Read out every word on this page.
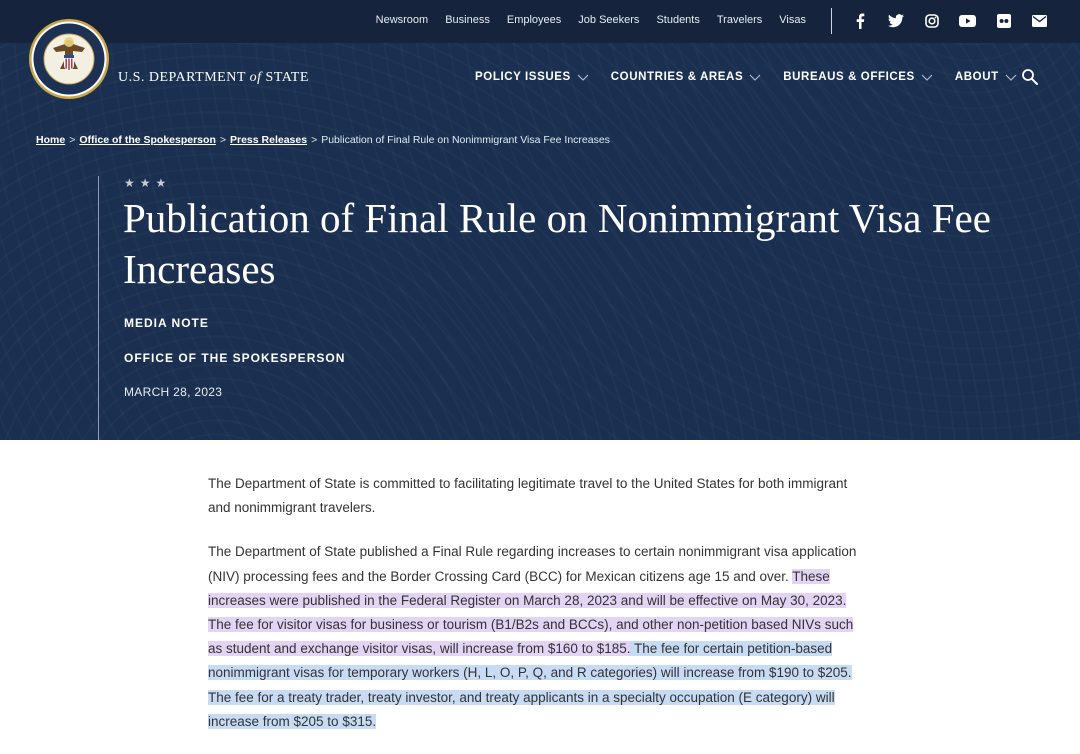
Newsroom Business Employees Job Seekers Students Travelers Visas
U.S. DEPARTMENT of STATE	POLICY ISSUES	COUNTRIES & AREAS	BUREAUS & OFFICES	ABOUT
Home > Office of the Spokesperson > Press Releases > Publication of Final Rule on Nonimmigrant Visa Fee Increases
★★★
Publication of Final Rule on Nonimmigrant Visa Fee Increases
MEDIA NOTE
OFFICE OF THE SPOKESPERSON
MARCH 28, 2023

The Department of State is committed to facilitating legitimate travel to the United States for both immigrant and nonimmigrant travelers.

The Department of State published a Final Rule regarding increases to certain nonimmigrant visa application (NIV) processing fees and the Border Crossing Card (BCC) for Mexican citizens age 15 and over. These increases were published in the Federal Register on March 28, 2023 and will be effective on May 30, 2023. The fee for visitor visas for business or tourism (B1/B2s and BCCs), and other non-petition based NIVs such as student and exchange visitor visas, will increase from $160 to $185. The fee for certain petition-based nonimmigrant visas for temporary workers (H, L, O, P, Q, and R categories) will increase from $190 to $205. The fee for a treaty trader, treaty investor, and treaty applicants in a specialty occupation (E category) will increase from $205 to $315.
